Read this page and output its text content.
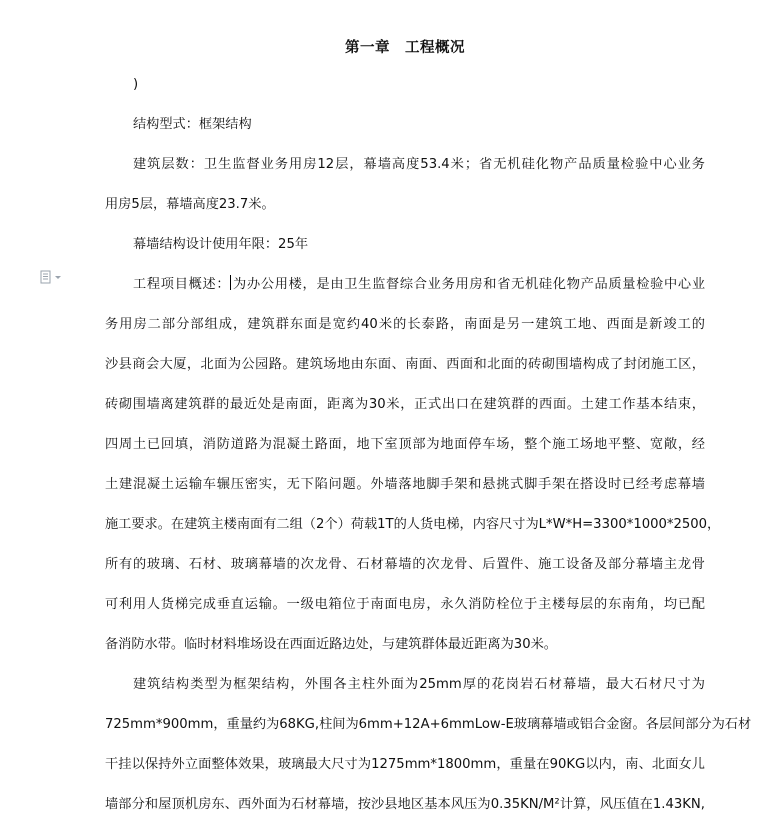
第一章　工程概况
)
结构型式：框架结构
建筑层数：卫生监督业务用房12层，幕墙高度53.4米；省无机硅化物产品质量检验中心业务
用房5层，幕墙高度23.7米。
幕墙结构设计使用年限：25年
工程项目概述： 为办公用楼，是由卫生监督综合业务用房和省无机硅化物产品质量检验中心业
务用房二部分部组成，建筑群东面是宽约40米的长泰路，南面是另一建筑工地、西面是新竣工的
沙县商会大厦，北面为公园路。建筑场地由东面、南面、西面和北面的砖砌围墙构成了封闭施工区，
砖砌围墙离建筑群的最近处是南面，距离为30米，正式出口在建筑群的西面。土建工作基本结束，
四周土已回填，消防道路为混凝土路面，地下室顶部为地面停车场，整个施工场地平整、宽敞，经
土建混凝土运输车辗压密实，无下陷问题。外墙落地脚手架和悬挑式脚手架在搭设时已经考虑幕墙
施工要求。在建筑主楼南面有二组（2个）荷载1T的人货电梯，内容尺寸为L*W*H=3300*1000*2500，
所有的玻璃、石材、玻璃幕墙的次龙骨、石材幕墙的次龙骨、后置件、施工设备及部分幕墙主龙骨
可利用人货梯完成垂直运输。一级电箱位于南面电房，永久消防栓位于主楼每层的东南角，均已配
备消防水带。临时材料堆场设在西面近路边处，与建筑群体最近距离为30米。
建筑结构类型为框架结构，外围各主柱外面为25mm厚的花岗岩石材幕墙，最大石材尺寸为
725mm*900mm，重量约为68KG,柱间为6mm+12A+6mmLow-E玻璃幕墙或铝合金窗。各层间部分为石材
干挂以保持外立面整体效果，玻璃最大尺寸为1275mm*1800mm，重量在90KG以内，南、北面女儿
墙部分和屋顶机房东、西外面为石材幕墙，按沙县地区基本风压为0.35KN/M²计算，风压值在1.43KN,
